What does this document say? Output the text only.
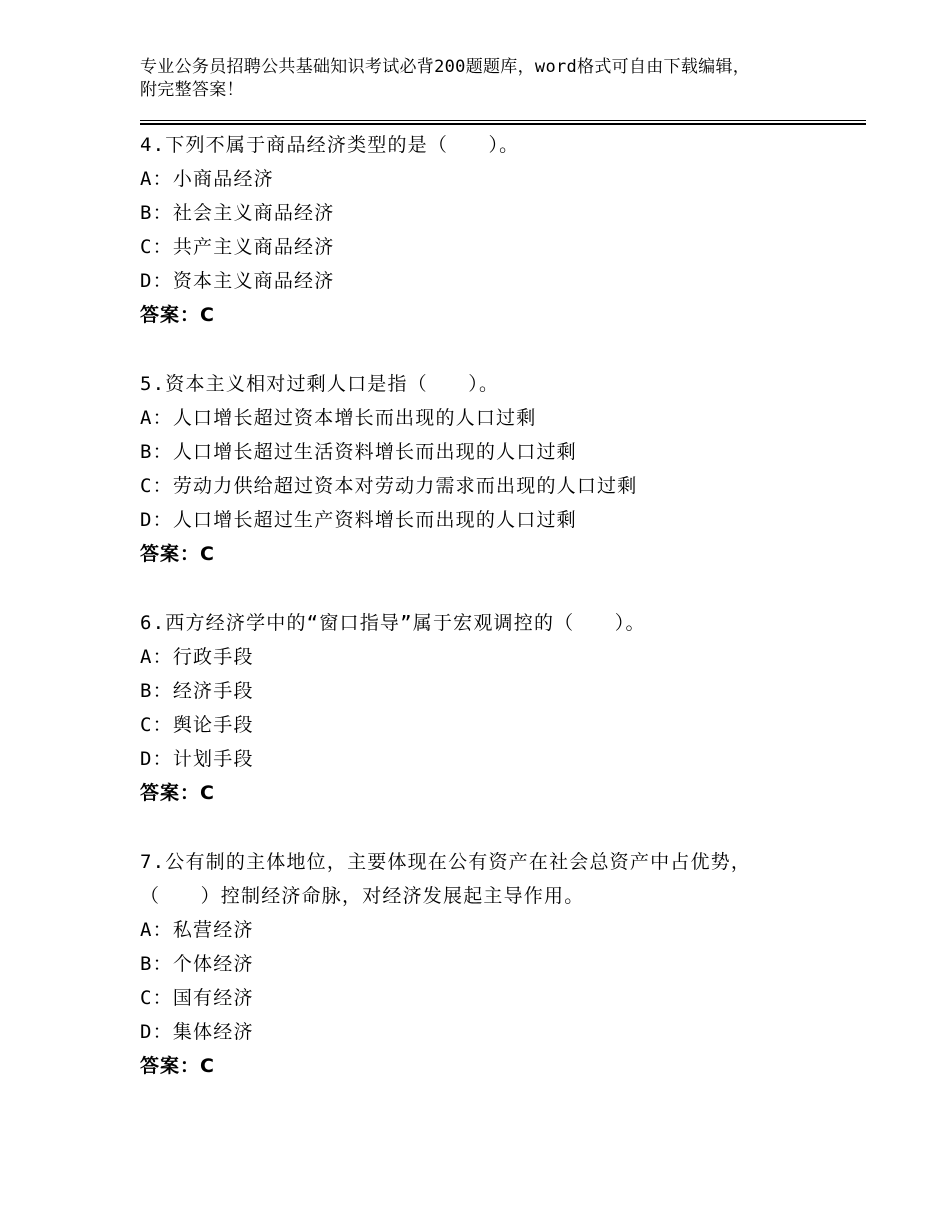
专业公务员招聘公共基础知识考试必背200题题库，word格式可自由下载编辑，
附完整答案！
4.下列不属于商品经济类型的是（　　）。
A：小商品经济
B：社会主义商品经济
C：共产主义商品经济
D：资本主义商品经济
答案：C
5.资本主义相对过剩人口是指（　　）。
A：人口增长超过资本增长而出现的人口过剩
B：人口增长超过生活资料增长而出现的人口过剩
C：劳动力供给超过资本对劳动力需求而出现的人口过剩
D：人口增长超过生产资料增长而出现的人口过剩
答案：C
6.西方经济学中的“窗口指导”属于宏观调控的（　　）。
A：行政手段
B：经济手段
C：舆论手段
D：计划手段
答案：C
7.公有制的主体地位，主要体现在公有资产在社会总资产中占优势，
（　　）控制经济命脉，对经济发展起主导作用。
A：私营经济
B：个体经济
C：国有经济
D：集体经济
答案：C
